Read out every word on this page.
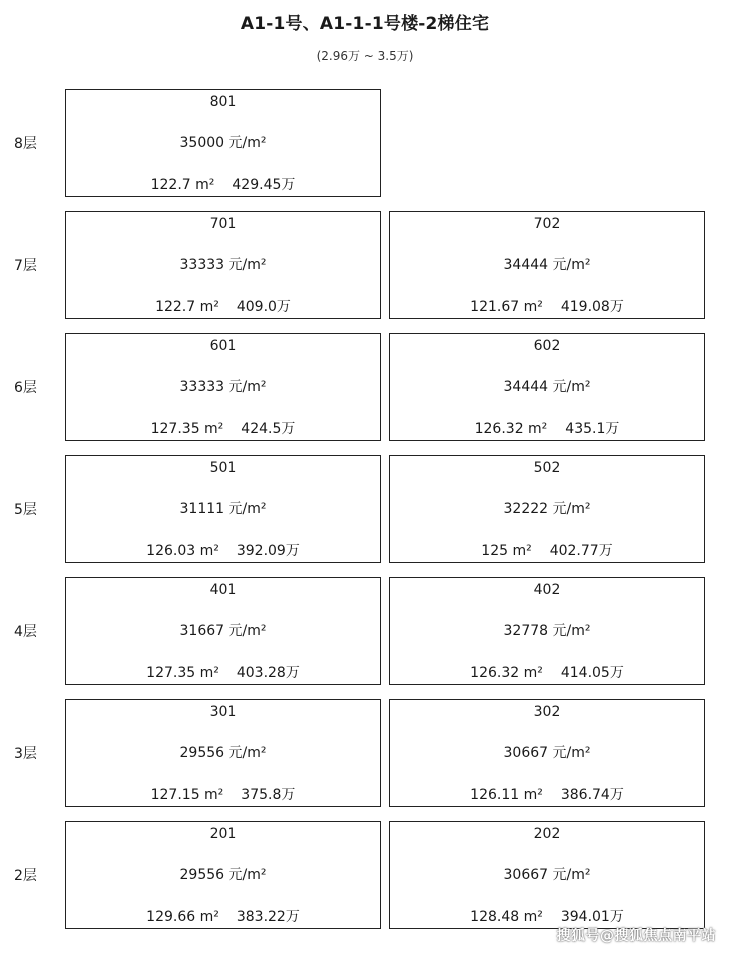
A1-1号、A1-1-1号楼-2梯住宅
(2.96万 ~ 3.5万)
8层
801
35000 元/m²
122.7 m² 429.45万
7层
701
33333 元/m²
122.7 m² 409.0万
702
34444 元/m²
121.67 m² 419.08万
6层
601
33333 元/m²
127.35 m² 424.5万
602
34444 元/m²
126.32 m² 435.1万
5层
501
31111 元/m²
126.03 m² 392.09万
502
32222 元/m²
125 m² 402.77万
4层
401
31667 元/m²
127.35 m² 403.28万
402
32778 元/m²
126.32 m² 414.05万
3层
301
29556 元/m²
127.15 m² 375.8万
302
30667 元/m²
126.11 m² 386.74万
2层
201
29556 元/m²
129.66 m² 383.22万
202
30667 元/m²
128.48 m² 394.01万
搜狐号@搜狐焦点南平站
